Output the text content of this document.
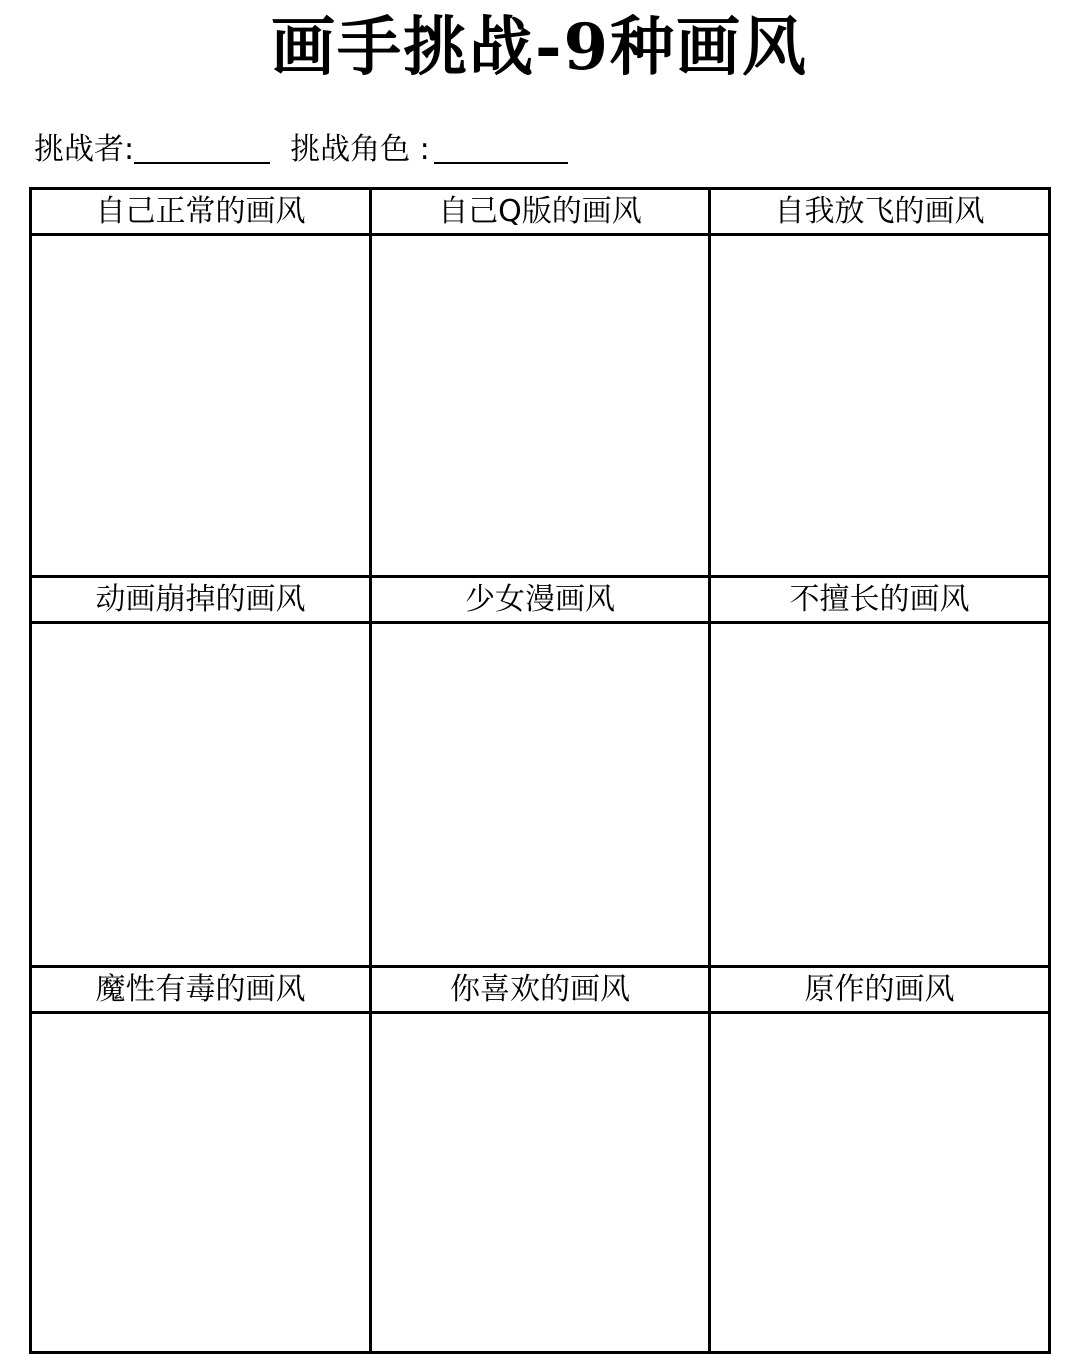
画手挑战-9种画风
挑战者:	挑战角色 :
自己正常的画风	自己Q版的画风	自我放飞的画风
动画崩掉的画风	少女漫画风	不擅长的画风
魔性有毒的画风	你喜欢的画风	原作的画风
